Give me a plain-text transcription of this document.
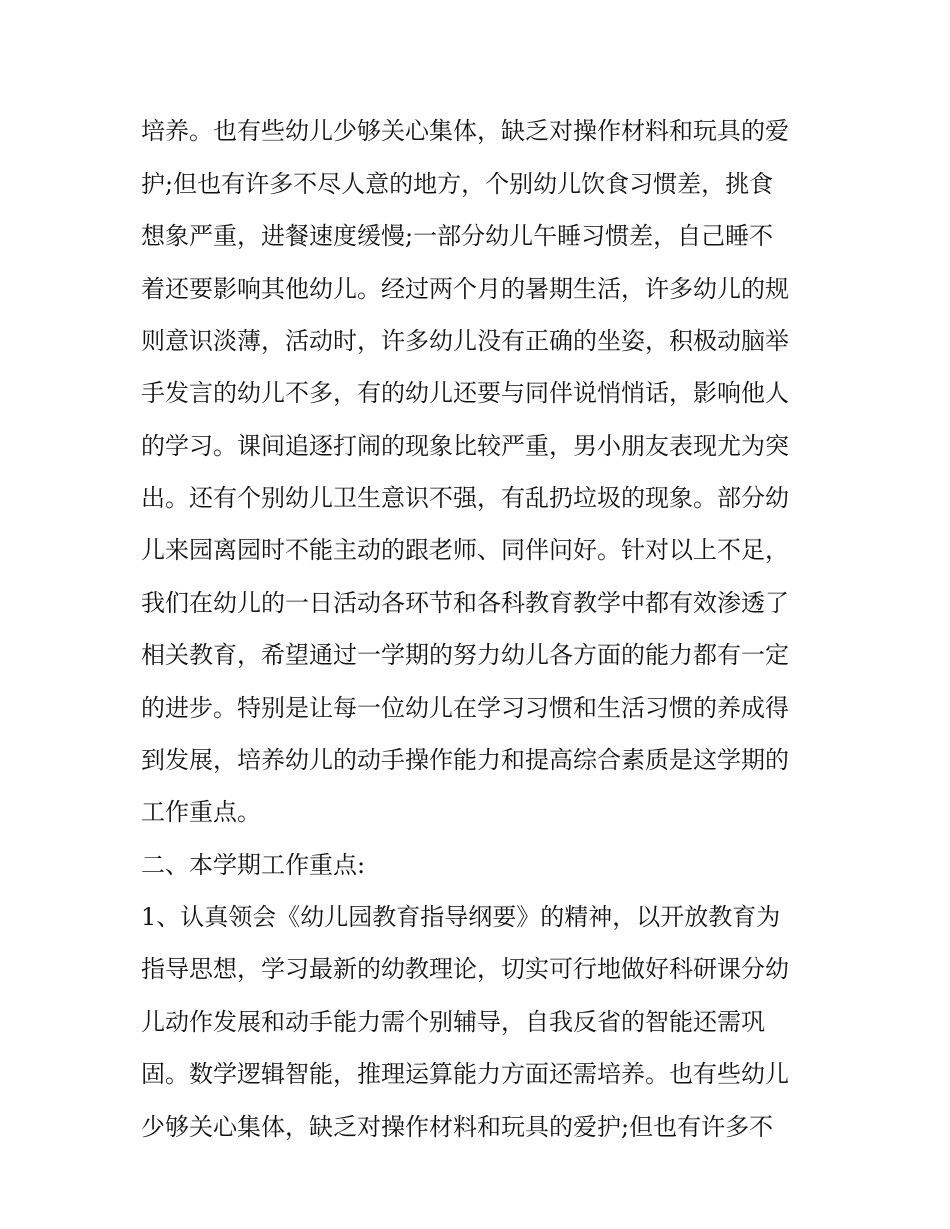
培养。也有些幼儿少够关心集体，缺乏对操作材料和玩具的爱
护;但也有许多不尽人意的地方，个别幼儿饮食习惯差，挑食
想象严重，进餐速度缓慢;一部分幼儿午睡习惯差，自己睡不
着还要影响其他幼儿。经过两个月的暑期生活，许多幼儿的规
则意识淡薄，活动时，许多幼儿没有正确的坐姿，积极动脑举
手发言的幼儿不多，有的幼儿还要与同伴说悄悄话，影响他人
的学习。课间追逐打闹的现象比较严重，男小朋友表现尤为突
出。还有个别幼儿卫生意识不强，有乱扔垃圾的现象。部分幼
儿来园离园时不能主动的跟老师、同伴问好。针对以上不足，
我们在幼儿的一日活动各环节和各科教育教学中都有效渗透了
相关教育，希望通过一学期的努力幼儿各方面的能力都有一定
的进步。特别是让每一位幼儿在学习习惯和生活习惯的养成得
到发展，培养幼儿的动手操作能力和提高综合素质是这学期的
工作重点。
二、本学期工作重点:
1、认真领会《幼儿园教育指导纲要》的精神，以开放教育为
指导思想，学习最新的幼教理论，切实可行地做好科研课分幼
儿动作发展和动手能力需个别辅导，自我反省的智能还需巩
固。数学逻辑智能，推理运算能力方面还需培养。也有些幼儿
少够关心集体，缺乏对操作材料和玩具的爱护;但也有许多不
